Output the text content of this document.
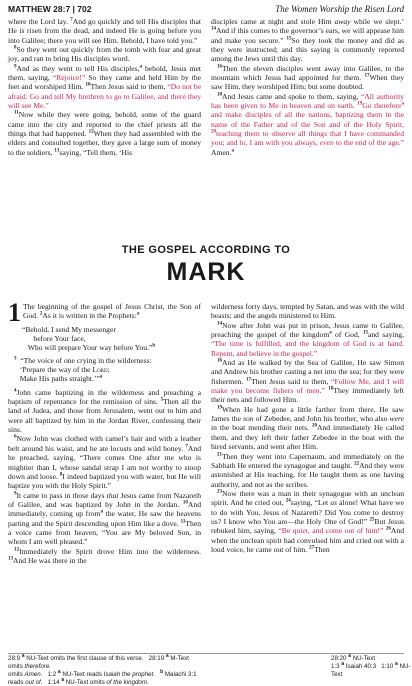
MATTHEW 28:7 | 702	The Women Worship the Risen Lord

where the Lord lay. $^7$And go quickly and tell His disciples that He is risen from the dead, and indeed He is going before you into Galilee; there you will see Him. Behold, I have told you.”

$^8$So they went out quickly from the tomb with fear and great joy, and ran to bring His disciples word.

$^9$And as they went to tell His disciples,$^a$ behold, Jesus met them, saying, “Rejoice!” So they came and held Him by the feet and worshiped Him. $^{10}$Then Jesus said to them, “Do not be afraid. Go and tell My brethren to go to Galilee, and there they will see Me.”

$^{11}$Now while they were going, behold, some of the guard came into the city and reported to the chief priests all the things that had happened. $^{12}$When they had assembled with the elders and consulted together, they gave a large sum of money to the soldiers, $^{13}$saying, “Tell them, ‘His

disciples came at night and stole Him away while we slept.’ $^{14}$And if this comes to the governor’s ears, we will appease him and make you secure.” $^{15}$So they took the money and did as they were instructed; and this saying is commonly reported among the Jews until this day.

$^{16}$Then the eleven disciples went away into Galilee, to the mountain which Jesus had appointed for them. $^{17}$When they saw Him, they worshiped Him; but some doubted.

$^{18}$And Jesus came and spoke to them, saying, “All authority has been given to Me in heaven and on earth. $^{19}$Go therefore$^a$ and make disciples of all the nations, baptizing them in the name of the Father and of the Son and of the Holy Spirit, $^{20}$teaching them to observe all things that I have commanded you; and lo, I am with you always, even to the end of the age.” Amen.$^a$

THE GOSPEL ACCORDING TO
MARK

1 The beginning of the gospel of Jesus Christ, the Son of God. $^2$As it is written in the Prophets:$^a$

“Behold, I send My messenger
before Your face,
Who will prepare Your way before You.”$^b$
$^3$  “The voice of one crying in the wilderness:
‘Prepare the way of the Lord;
Make His paths straight.’”$^a$

$^4$John came baptizing in the wilderness and preaching a baptism of repentance for the remission of sins. $^5$Then all the land of Judea, and those from Jerusalem, went out to him and were all baptized by him in the Jordan River, confessing their sins.

$^6$Now John was clothed with camel’s hair and with a leather belt around his waist, and he ate locusts and wild honey. $^7$And he preached, saying, “There comes One after me who is mightier than I, whose sandal strap I am not worthy to stoop down and loose. $^8$I indeed baptized you with water, but He will baptize you with the Holy Spirit.”

$^9$It came to pass in those days that Jesus came from Nazareth of Galilee, and was baptized by John in the Jordan. $^{10}$And immediately, coming up from$^a$ the water, He saw the heavens parting and the Spirit descending upon Him like a dove. $^{11}$Then a voice came from heaven, “You are My beloved Son, in whom I am well pleased.”

$^{12}$Immediately the Spirit drove Him into the wilderness. $^{13}$And He was there in the

wilderness forty days, tempted by Satan, and was with the wild beasts; and the angels ministered to Him.

$^{14}$Now after John was put in prison, Jesus came to Galilee, preaching the gospel of the kingdom$^a$ of God, $^{15}$and saying, “The time is fulfilled, and the kingdom of God is at hand. Repent, and believe in the gospel.”

$^{16}$And as He walked by the Sea of Galilee, He saw Simon and Andrew his brother casting a net into the sea; for they were fishermen. $^{17}$Then Jesus said to them, “Follow Me, and I will make you become fishers of men.” $^{18}$They immediately left their nets and followed Him.

$^{19}$When He had gone a little farther from there, He saw James the son of Zebedee, and John his brother, who also were in the boat mending their nets. $^{20}$And immediately He called them, and they left their father Zebedee in the boat with the hired servants, and went after Him.

$^{21}$Then they went into Capernaum, and immediately on the Sabbath He entered the synagogue and taught. $^{22}$And they were astonished at His teaching, for He taught them as one having authority, and not as the scribes.

$^{23}$Now there was a man in their synagogue with an unclean spirit. And he cried out, $^{24}$saying, “Let us alone! What have we to do with You, Jesus of Nazareth? Did You come to destroy us? I know who You are—the Holy One of God!” $^{25}$But Jesus rebuked him, saying, “Be quiet, and come out of him!” $^{26}$And when the unclean spirit had convulsed him and cried out with a loud voice, he came out of him. $^{27}$Then

28:9 $^a$ NU-Text omits the first clause of this verse.   28:19 $^a$ M-Text omits therefore.
omits Amen.   1:2 $^a$ NU-Text reads Isaiah the prophet. $^b$ Malachi 3:1
reads out of.   1:14 $^a$ NU-Text omits of the kingdom.
28:20 $^a$ NU-Text
1:3 $^a$ Isaiah 40:3   1:10 $^a$ NU-Text
